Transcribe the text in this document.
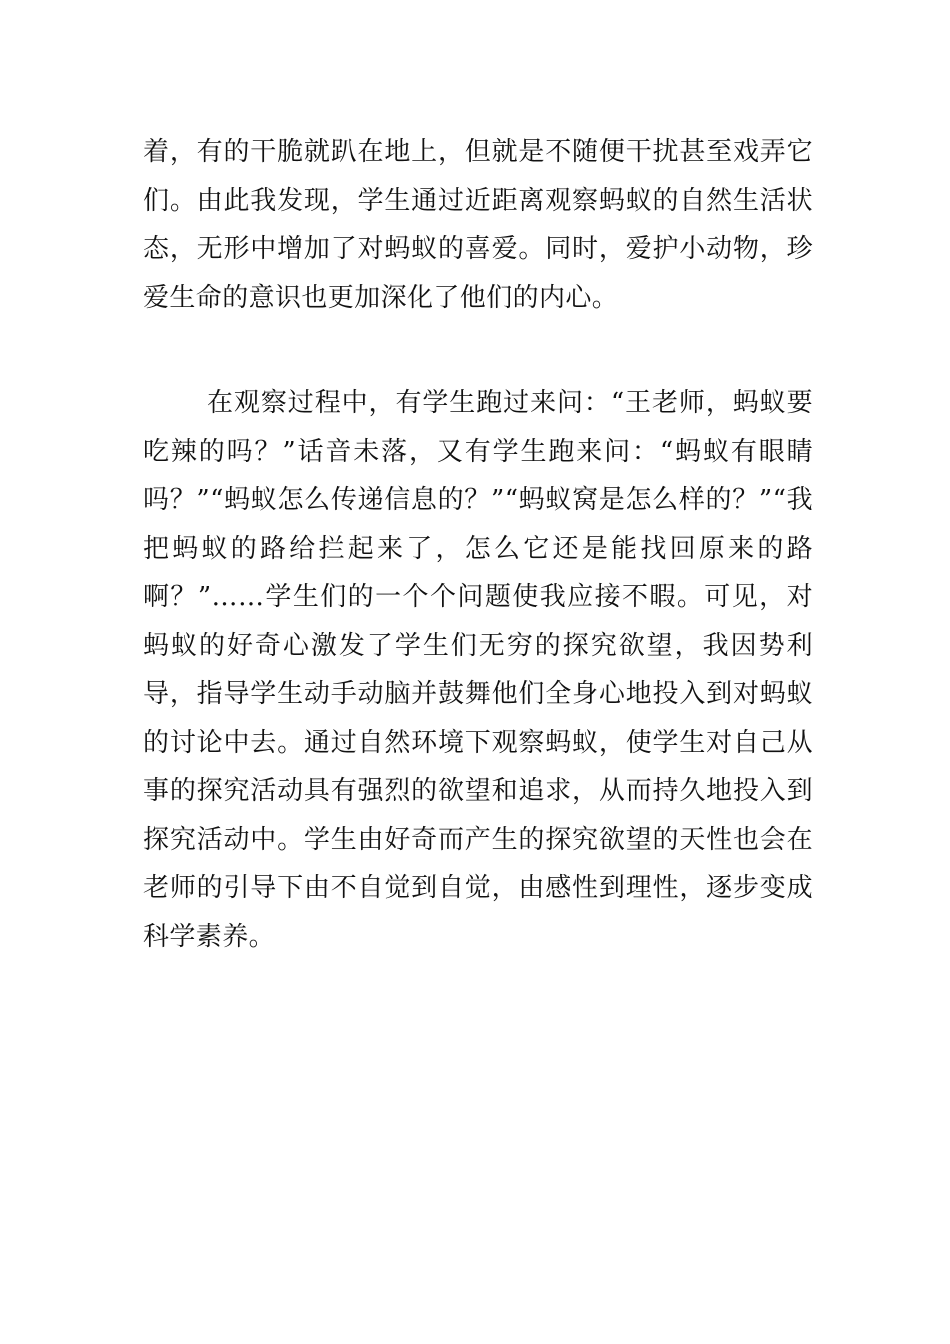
着，有的干脆就趴在地上，但就是不随便干扰甚至戏弄它们。由此我发现，学生通过近距离观察蚂蚁的自然生活状态，无形中增加了对蚂蚁的喜爱。同时，爱护小动物，珍爱生命的意识也更加深化了他们的内心。

在观察过程中，有学生跑过来问：“王老师，蚂蚁要吃辣的吗？”话音未落，又有学生跑来问：“蚂蚁有眼睛吗？”“蚂蚁怎么传递信息的？”“蚂蚁窝是怎么样的？”“我把蚂蚁的路给拦起来了，怎么它还是能找回原来的路啊？”……学生们的一个个问题使我应接不暇。可见，对蚂蚁的好奇心激发了学生们无穷的探究欲望，我因势利导，指导学生动手动脑并鼓舞他们全身心地投入到对蚂蚁的讨论中去。通过自然环境下观察蚂蚁，使学生对自己从事的探究活动具有强烈的欲望和追求，从而持久地投入到探究活动中。学生由好奇而产生的探究欲望的天性也会在老师的引导下由不自觉到自觉，由感性到理性，逐步变成科学素养。
